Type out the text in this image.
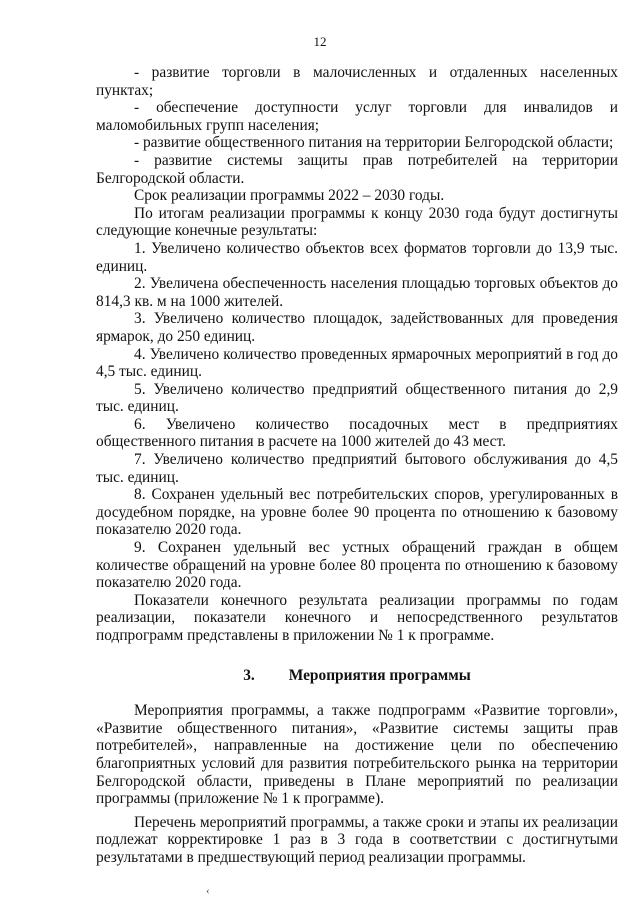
12

- развитие торговли в малочисленных и отдаленных населенных пунктах;

- обеспечение доступности услуг торговли для инвалидов и маломобильных групп населения;

- развитие общественного питания на территории Белгородской области;

- развитие системы защиты прав потребителей на территории Белгородской области.

Срок реализации программы 2022 – 2030 годы.

По итогам реализации программы к концу 2030 года будут достигнуты следующие конечные результаты:

1. Увеличено количество объектов всех форматов торговли до 13,9 тыс. единиц.

2. Увеличена обеспеченность населения площадью торговых объектов до 814,3 кв. м на 1000 жителей.

3. Увеличено количество площадок, задействованных для проведения ярмарок, до 250 единиц.

4. Увеличено количество проведенных ярмарочных мероприятий в год до 4,5 тыс. единиц.

5. Увеличено количество предприятий общественного питания до 2,9 тыс. единиц.

6. Увеличено количество посадочных мест в предприятиях общественного питания в расчете на 1000 жителей до 43 мест.

7. Увеличено количество предприятий бытового обслуживания до 4,5 тыс. единиц.

8. Сохранен удельный вес потребительских споров, урегулированных в досудебном порядке, на уровне более 90 процента по отношению к базовому показателю 2020 года.

9. Сохранен удельный вес устных обращений граждан в общем количестве обращений на уровне более 80 процента по отношению к базовому показателю 2020 года.

Показатели конечного результата реализации программы по годам реализации, показатели конечного и непосредственного результатов подпрограмм представлены в приложении № 1 к программе.

3. Мероприятия программы

Мероприятия программы, а также подпрограмм «Развитие торговли», «Развитие общественного питания», «Развитие системы защиты прав потребителей», направленные на достижение цели по обеспечению благоприятных условий для развития потребительского рынка на территории Белгородской области, приведены в Плане мероприятий по реализации программы (приложение № 1 к программе).

Перечень мероприятий программы, а также сроки и этапы их реализации подлежат корректировке 1 раз в 3 года в соответствии с достигнутыми результатами в предшествующий период реализации программы.

‹
